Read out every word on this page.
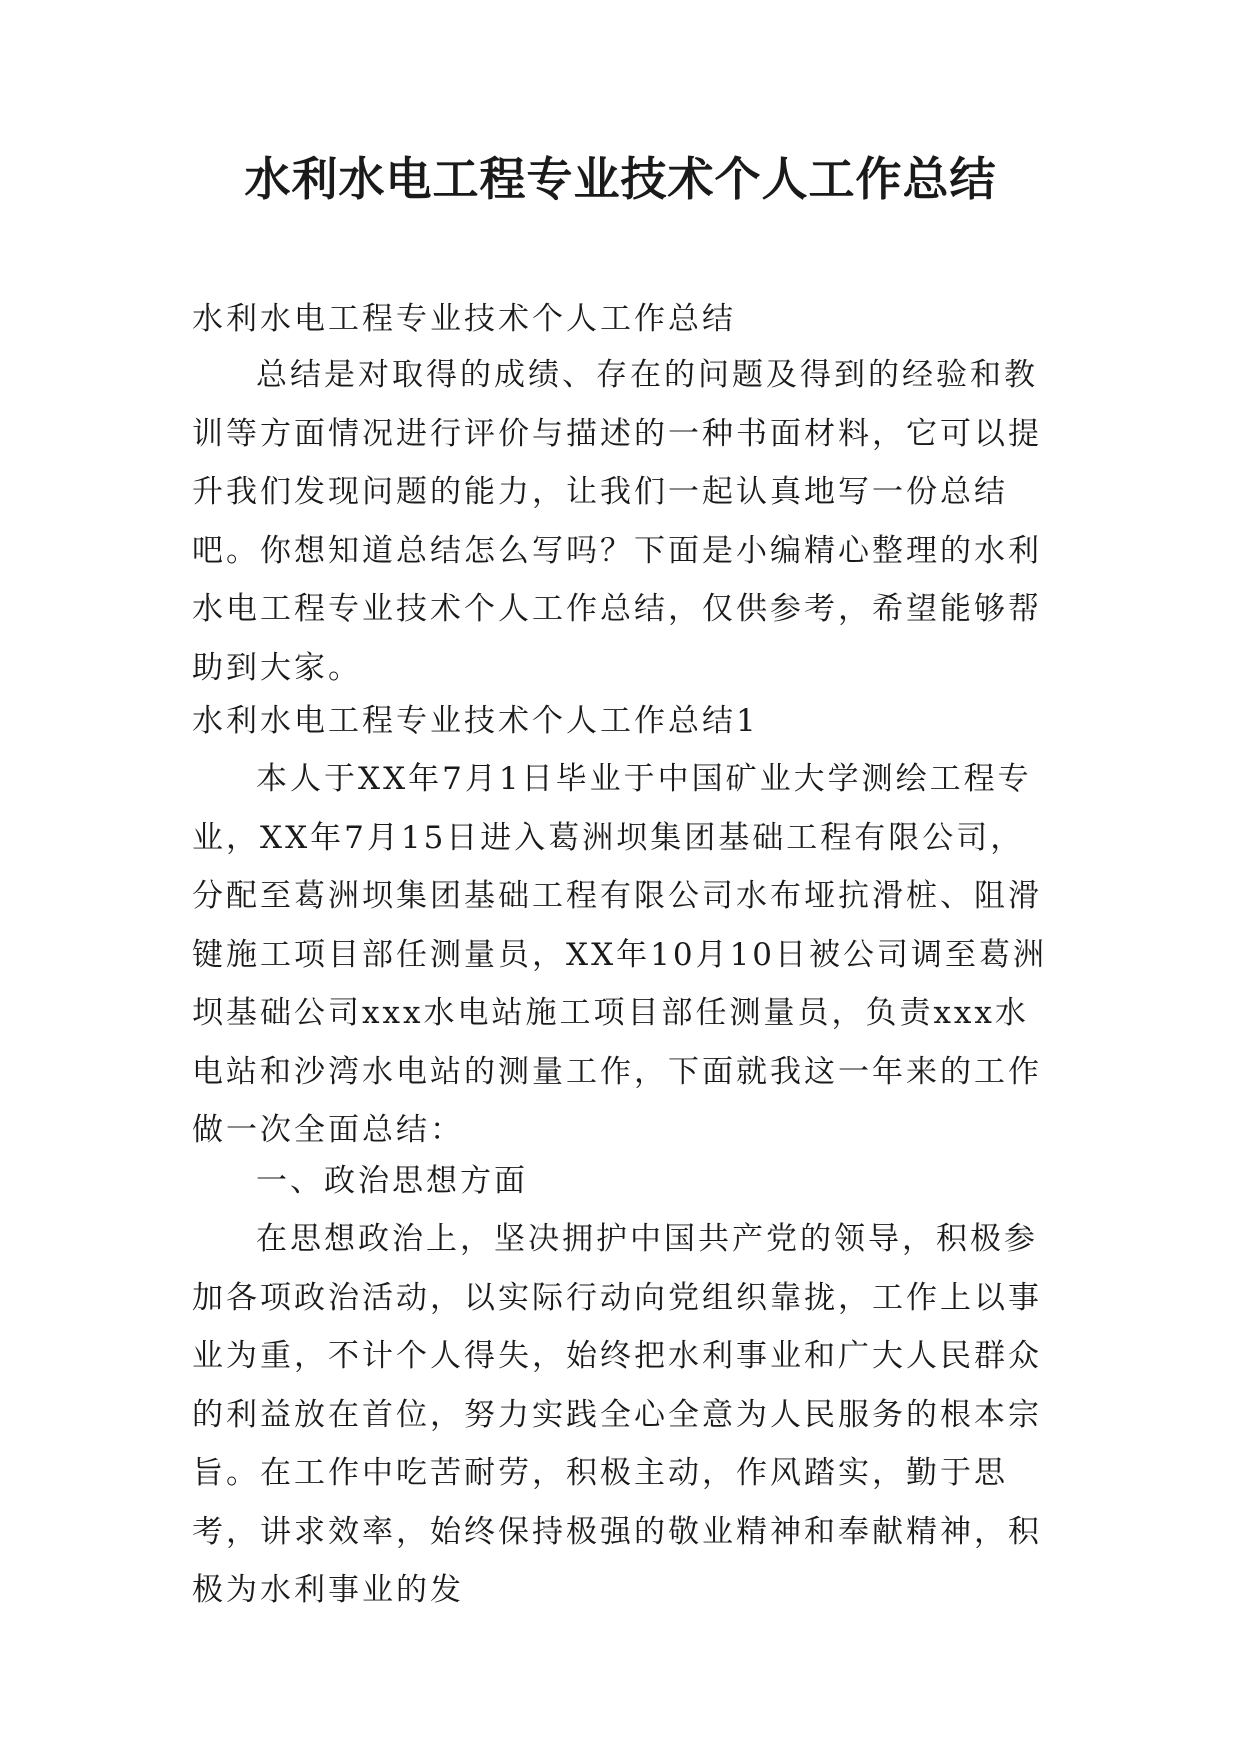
水利水电工程专业技术个人工作总结

水利水电工程专业技术个人工作总结

总结是对取得的成绩、存在的问题及得到的经验和教训等方面情况进行评价与描述的一种书面材料，它可以提升我们发现问题的能力，让我们一起认真地写一份总结吧。你想知道总结怎么写吗？下面是小编精心整理的水利水电工程专业技术个人工作总结，仅供参考，希望能够帮助到大家。

水利水电工程专业技术个人工作总结1

本人于XX年7月1日毕业于中国矿业大学测绘工程专业，XX年7月15日进入葛洲坝集团基础工程有限公司，分配至葛洲坝集团基础工程有限公司水布垭抗滑桩、阻滑键施工项目部任测量员，XX年10月10日被公司调至葛洲坝基础公司xxx水电站施工项目部任测量员，负责xxx水电站和沙湾水电站的测量工作，下面就我这一年来的工作做一次全面总结：

一、政治思想方面

在思想政治上，坚决拥护中国共产党的领导，积极参加各项政治活动，以实际行动向党组织靠拢，工作上以事业为重，不计个人得失，始终把水利事业和广大人民群众的利益放在首位，努力实践全心全意为人民服务的根本宗旨。在工作中吃苦耐劳，积极主动，作风踏实，勤于思考，讲求效率，始终保持极强的敬业精神和奉献精神，积极为水利事业的发
